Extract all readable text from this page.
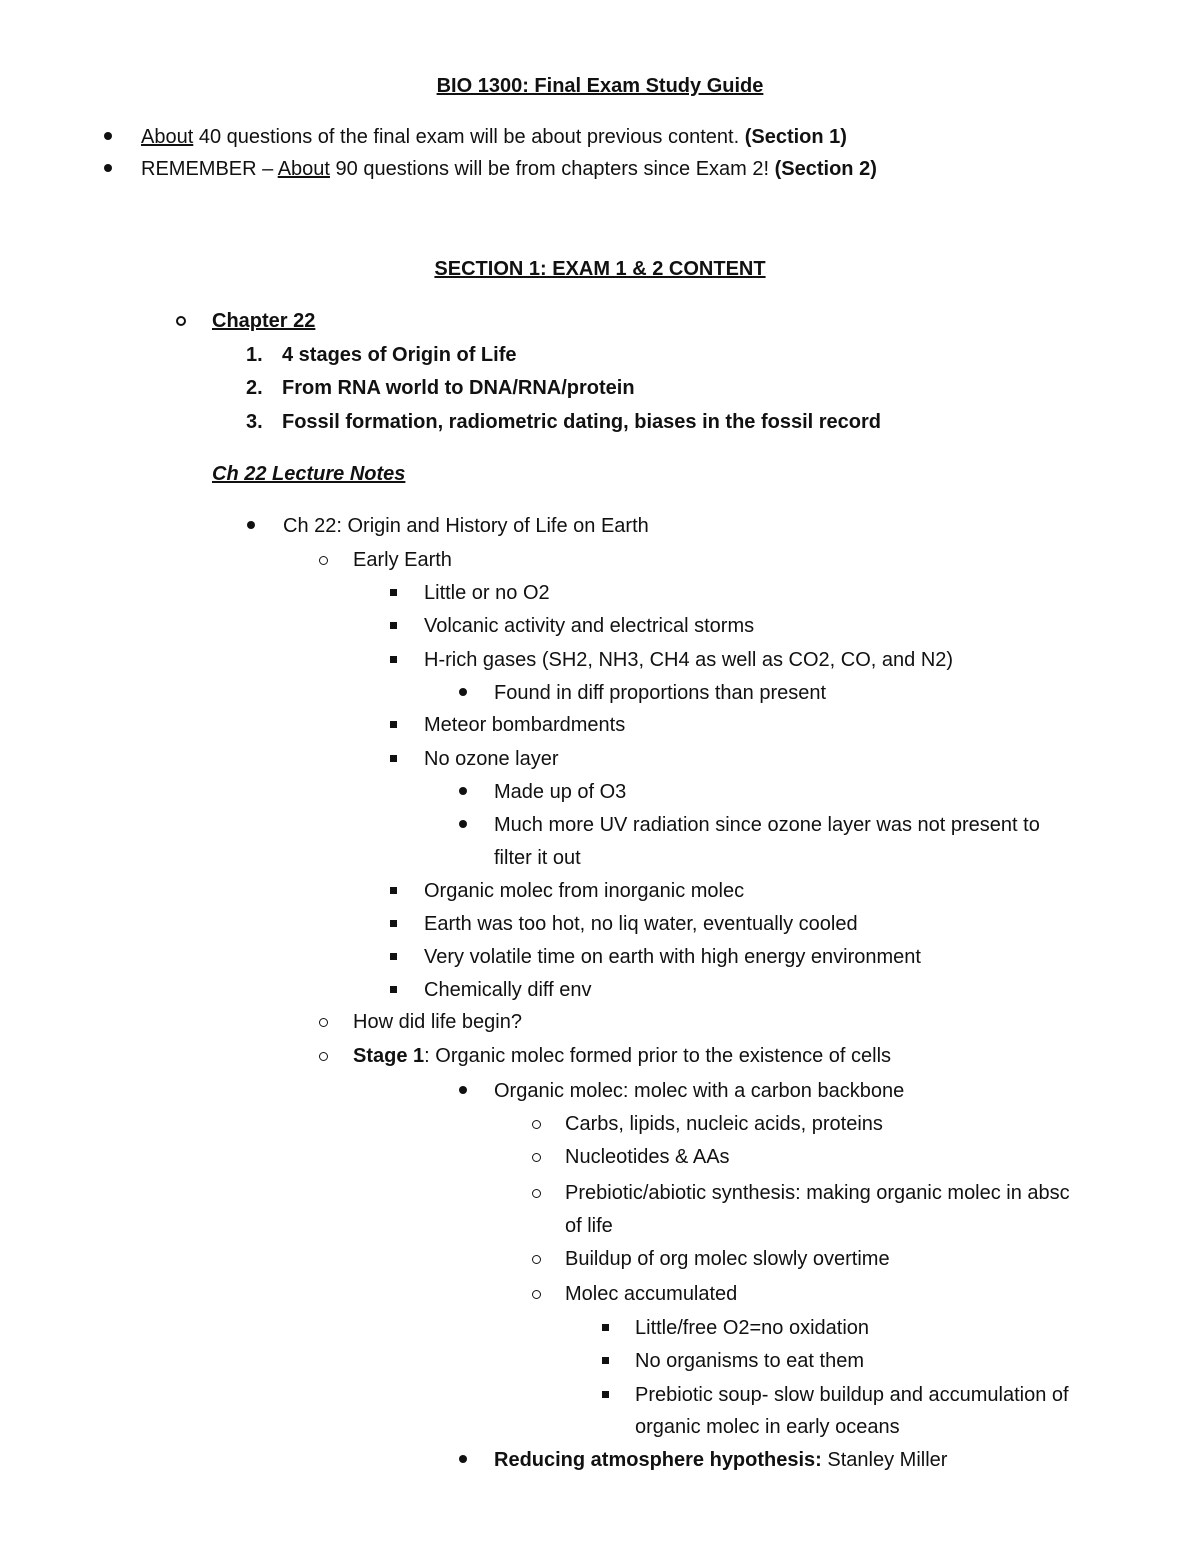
BIO 1300: Final Exam Study Guide
About 40 questions of the final exam will be about previous content. (Section 1)
REMEMBER – About 90 questions will be from chapters since Exam 2! (Section 2)
SECTION 1: EXAM 1 & 2 CONTENT
Chapter 22
1. 4 stages of Origin of Life
2. From RNA world to DNA/RNA/protein
3. Fossil formation, radiometric dating, biases in the fossil record
Ch 22 Lecture Notes
Ch 22: Origin and History of Life on Earth
Early Earth
Little or no O2
Volcanic activity and electrical storms
H-rich gases (SH2, NH3, CH4 as well as CO2, CO, and N2)
Found in diff proportions than present
Meteor bombardments
No ozone layer
Made up of O3
Much more UV radiation since ozone layer was not present to
filter it out
Organic molec from inorganic molec
Earth was too hot, no liq water, eventually cooled
Very volatile time on earth with high energy environment
Chemically diff env
How did life begin?
Stage 1: Organic molec formed prior to the existence of cells
Organic molec: molec with a carbon backbone
Carbs, lipids, nucleic acids, proteins
Nucleotides & AAs
Prebiotic/abiotic synthesis: making organic molec in absc
of life
Buildup of org molec slowly overtime
Molec accumulated
Little/free O2=no oxidation
No organisms to eat them
Prebiotic soup- slow buildup and accumulation of
organic molec in early oceans
Reducing atmosphere hypothesis: Stanley Miller
